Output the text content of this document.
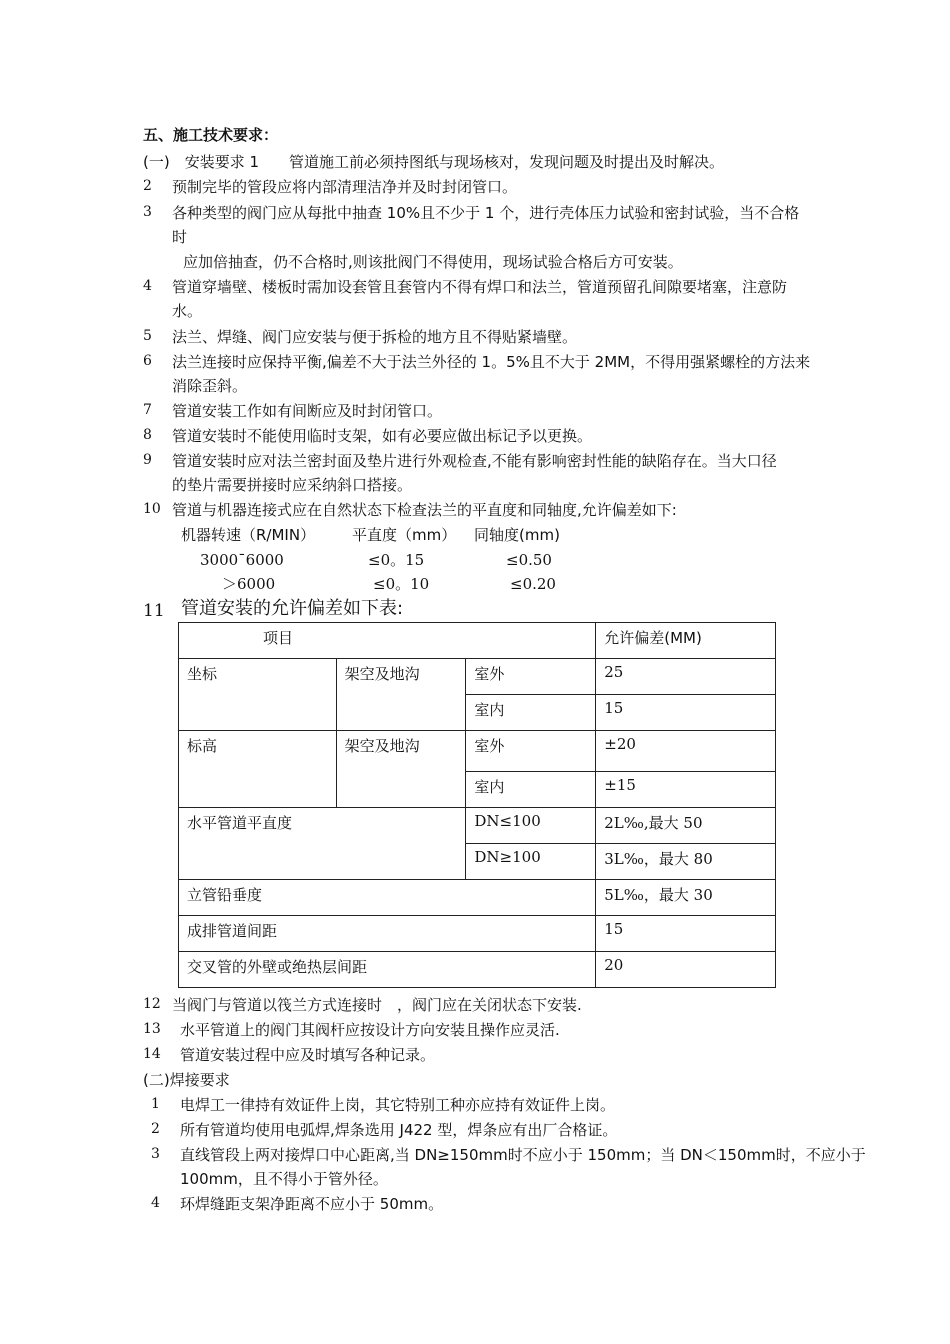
五、施工技术要求：
(一)　安装要求 1　　管道施工前必须持图纸与现场核对，发现问题及时提出及时解决。
2 预制完毕的管段应将内部清理洁净并及时封闭管口。
3 各种类型的阀门应从每批中抽查 10%且不少于 1 个，进行壳体压力试验和密封试验，当不合格
时
应加倍抽查，仍不合格时,则该批阀门不得使用，现场试验合格后方可安装。
4 管道穿墙壁、楼板时需加设套管且套管内不得有焊口和法兰，管道预留孔间隙要堵塞，注意防
水。
5 法兰、焊缝、阀门应安装与便于拆检的地方且不得贴紧墙壁。
6 法兰连接时应保持平衡,偏差不大于法兰外径的 1。5%且不大于 2MM，不得用强紧螺栓的方法来
消除歪斜。
7 管道安装工作如有间断应及时封闭管口。
8 管道安装时不能使用临时支架，如有必要应做出标记予以更换。
9 管道安装时应对法兰密封面及垫片进行外观检查,不能有影响密封性能的缺陷存在。当大口径
的垫片需要拼接时应采纳斜口搭接。
10 管道与机器连接式应在自然状态下检查法兰的平直度和同轴度,允许偏差如下:
机器转速（R/MIN） 平直度（mm） 同轴度(mm)
3000¯6000	≤0。15	≤0.50
＞6000	≤0。10	≤0.20
11 管道安装的允许偏差如下表:
项目			允许偏差(MM)
坐标	架空及地沟	室外	25
		室内	15
标高	架空及地沟	室外	±20
		室内	±15
水平管道平直度		DN≤100	2L‰,最大 50
		DN≥100	3L‰，最大 80
立管铅垂度			5L‰，最大 30
成排管道间距			15
交叉管的外壁或绝热层间距			20
12 当阀门与管道以筏兰方式连接时　，阀门应在关闭状态下安装.
13 水平管道上的阀门其阀杆应按设计方向安装且操作应灵活.
14 管道安装过程中应及时填写各种记录。
(二)焊接要求
1 电焊工一律持有效证件上岗，其它特别工种亦应持有效证件上岗。
2 所有管道均使用电弧焊,焊条选用 J422 型，焊条应有出厂合格证。
3 直线管段上两对接焊口中心距离,当 DN≥150mm时不应小于 150mm；当 DN＜150mm时，不应小于
100mm，且不得小于管外径。
4 环焊缝距支架净距离不应小于 50mm。
